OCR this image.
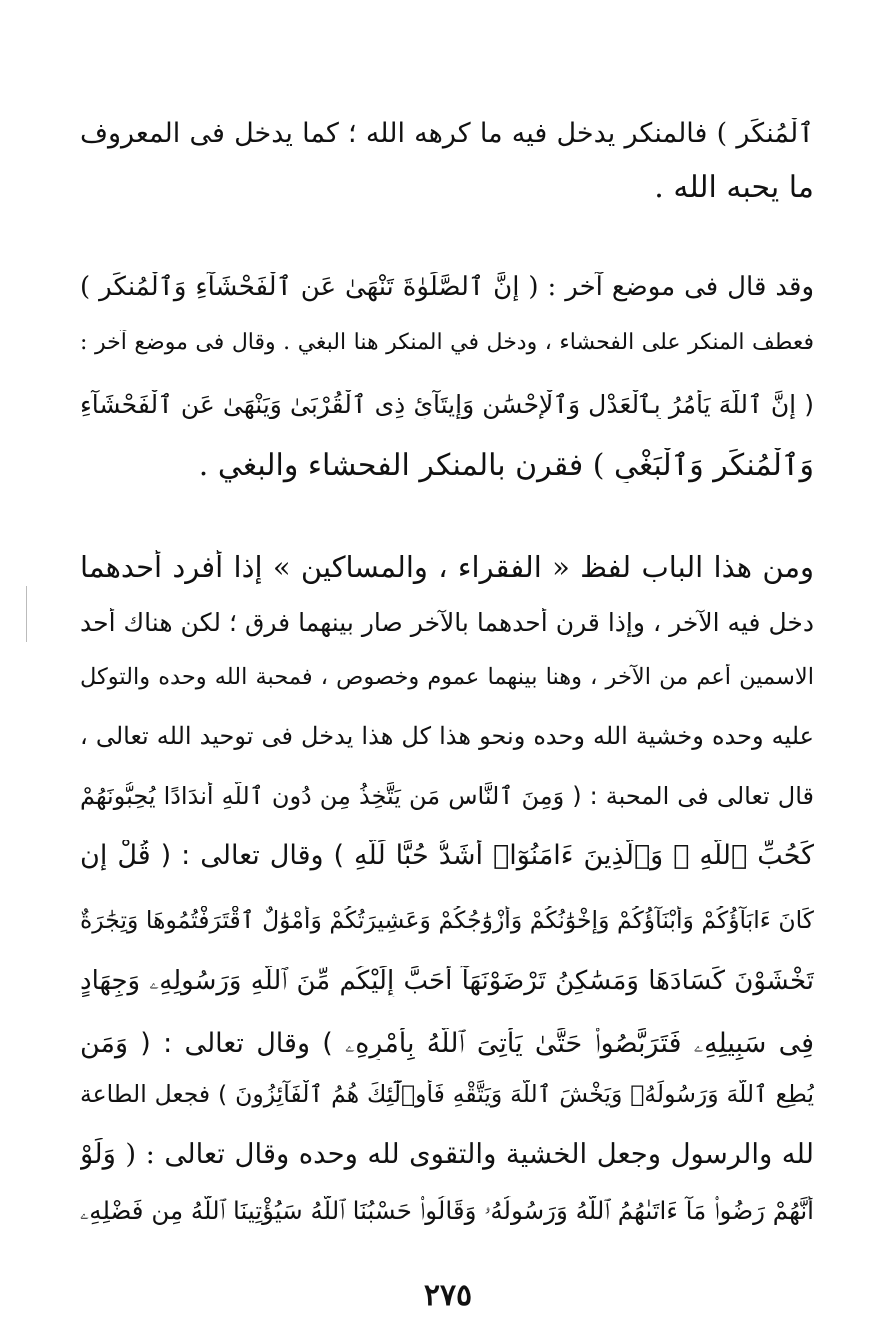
ٱلْمُنكَرِ ) فالمنكر يدخل فيه ما كرهه الله ؛ كما يدخل فى المعروف
ما يحبه الله .
وقد قال فى موضع آخر : ( إِنَّ ٱلصَّلَوٰةَ تَنْهَىٰ عَنِ ٱلْفَحْشَآءِ وَٱلْمُنكَرِ )
فعطف المنكر على الفحشاء ، ودخل في المنكر هنا البغي . وقال فى موضع آخر :
( إِنَّ ٱللَّهَ يَأْمُرُ بِٱلْعَدْلِ وَٱلْإِحْسَٰنِ وَإِيتَآئِ ذِى ٱلْقُرْبَىٰ وَيَنْهَىٰ عَنِ ٱلْفَحْشَآءِ
وَٱلْمُنكَرِ وَٱلْبَغْىِ ) فقرن بالمنكر الفحشاء والبغي .
ومن هذا الباب لفظ « الفقراء ، والمساكين » إذا أفرد أحدهما
دخل فيه الآخر ، وإذا قرن أحدهما بالآخر صار بينهما فرق ؛ لكن هناك أحد
الاسمين أعم من الآخر ، وهنا بينهما عموم وخصوص ، فمحبة الله وحده والتوكل
عليه وحده وخشية الله وحده ونحو هذا كل هذا يدخل فى توحيد الله تعالى ،
قال تعالى فى المحبة : ( وَمِنَ ٱلنَّاسِ مَن يَتَّخِذُ مِن دُونِ ٱللَّهِ أَندَادًا يُحِبُّونَهُمْ
كَحُبِّ ٱللَّهِ ۖ وَٱلَّذِينَ ءَامَنُوٓا۟ أَشَدُّ حُبًّا لِّلَّهِ ) وقال تعالى : ( قُلْ إِن
كَانَ ءَابَآؤُكُمْ وَأَبْنَآؤُكُمْ وَإِخْوَٰنُكُمْ وَأَزْوَٰجُكُمْ وَعَشِيرَتُكُمْ وَأَمْوَٰلٌ ٱقْتَرَفْتُمُوهَا وَتِجَٰرَةٌ
تَخْشَوْنَ كَسَادَهَا وَمَسَٰكِنُ تَرْضَوْنَهَآ أَحَبَّ إِلَيْكُم مِّنَ ٱللَّهِ وَرَسُولِهِۦ وَجِهَادٍ
فِى سَبِيلِهِۦ فَتَرَبَّصُوا۟ حَتَّىٰ يَأْتِىَ ٱللَّهُ بِأَمْرِهِۦ ) وقال تعالى : ( وَمَن
يُطِعِ ٱللَّهَ وَرَسُولَهُۥ وَيَخْشَ ٱللَّهَ وَيَتَّقْهِ فَأُو۟لَٰٓئِكَ هُمُ ٱلْفَآئِزُونَ ) فجعل الطاعة
لله والرسول وجعل الخشية والتقوى لله وحده وقال تعالى : ( وَلَوْ
أَنَّهُمْ رَضُوا۟ مَآ ءَاتَىٰهُمُ ٱللَّهُ وَرَسُولُهُۥ وَقَالُوا۟ حَسْبُنَا ٱللَّهُ سَيُؤْتِينَا ٱللَّهُ مِن فَضْلِهِۦ
٢٧٥
